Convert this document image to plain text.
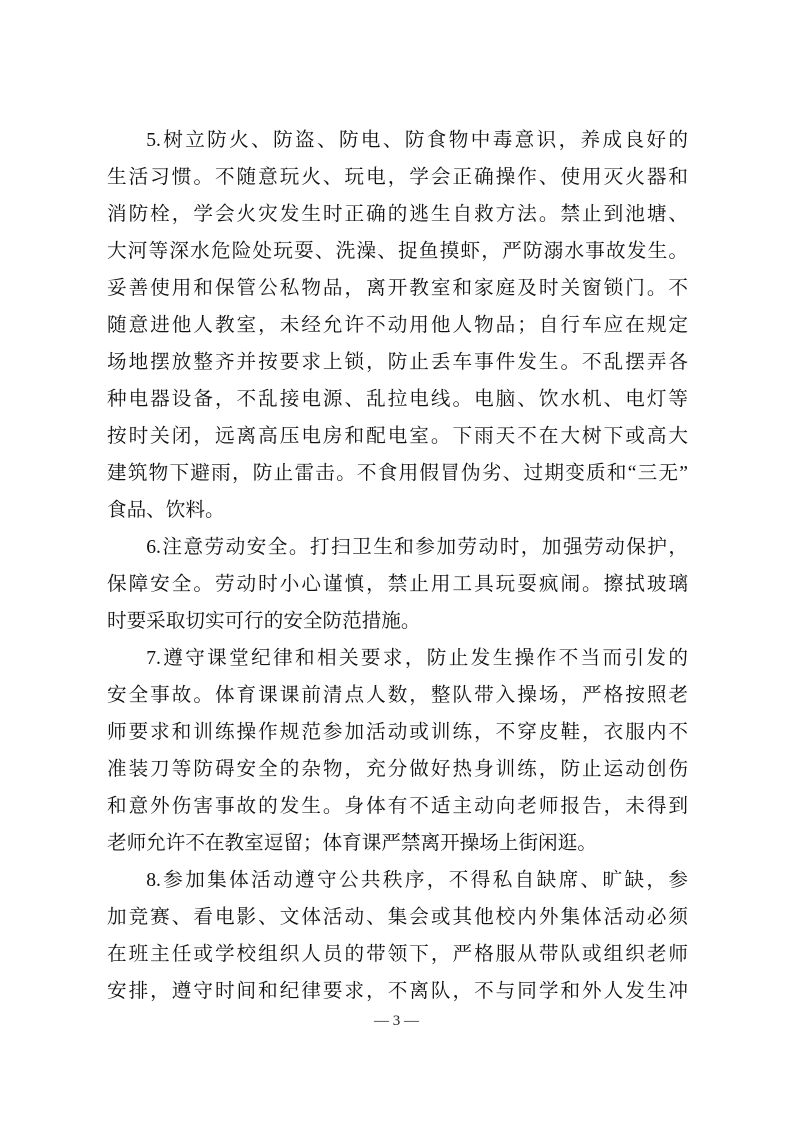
5.树立防火、防盗、防电、防食物中毒意识，养成良好的
生活习惯。不随意玩火、玩电，学会正确操作、使用灭火器和
消防栓，学会火灾发生时正确的逃生自救方法。禁止到池塘、
大河等深水危险处玩耍、洗澡、捉鱼摸虾，严防溺水事故发生。
妥善使用和保管公私物品，离开教室和家庭及时关窗锁门。不
随意进他人教室，未经允许不动用他人物品；自行车应在规定
场地摆放整齐并按要求上锁，防止丢车事件发生。不乱摆弄各
种电器设备，不乱接电源、乱拉电线。电脑、饮水机、电灯等
按时关闭，远离高压电房和配电室。下雨天不在大树下或高大
建筑物下避雨，防止雷击。不食用假冒伪劣、过期变质和“三无”
食品、饮料。
6.注意劳动安全。打扫卫生和参加劳动时，加强劳动保护，
保障安全。劳动时小心谨慎，禁止用工具玩耍疯闹。擦拭玻璃
时要采取切实可行的安全防范措施。
7.遵守课堂纪律和相关要求，防止发生操作不当而引发的
安全事故。体育课课前清点人数，整队带入操场，严格按照老
师要求和训练操作规范参加活动或训练，不穿皮鞋，衣服内不
准装刀等防碍安全的杂物，充分做好热身训练，防止运动创伤
和意外伤害事故的发生。身体有不适主动向老师报告，未得到
老师允许不在教室逗留；体育课严禁离开操场上街闲逛。
8.参加集体活动遵守公共秩序，不得私自缺席、旷缺，参
加竞赛、看电影、文体活动、集会或其他校内外集体活动必须
在班主任或学校组织人员的带领下，严格服从带队或组织老师
安排，遵守时间和纪律要求，不离队，不与同学和外人发生冲
— 3 —
